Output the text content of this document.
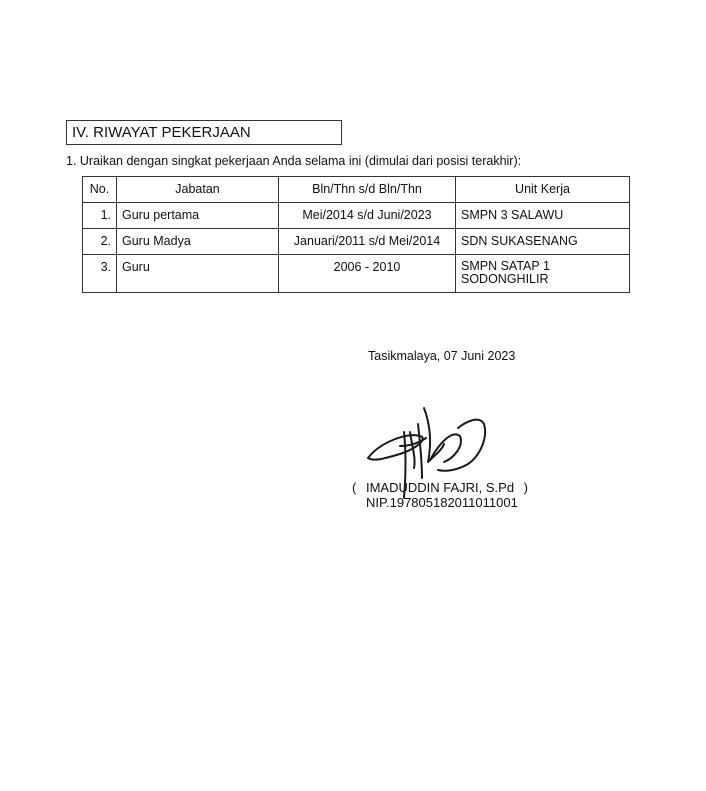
IV. RIWAYAT PEKERJAAN
1. Uraikan dengan singkat pekerjaan Anda selama ini (dimulai dari posisi terakhir):
No.	Jabatan	Bln/Thn s/d Bln/Thn	Unit Kerja
1.	Guru pertama	Mei/2014 s/d Juni/2023	SMPN 3 SALAWU
2.	Guru Madya	Januari/2011 s/d Mei/2014	SDN SUKASENANG
3.	Guru	2006 - 2010	SMPN SATAP 1
SODONGHILIR
Tasikmalaya, 07 Juni 2023
( IMADUDDIN FAJRI, S.Pd )
NIP.197805182011011001
